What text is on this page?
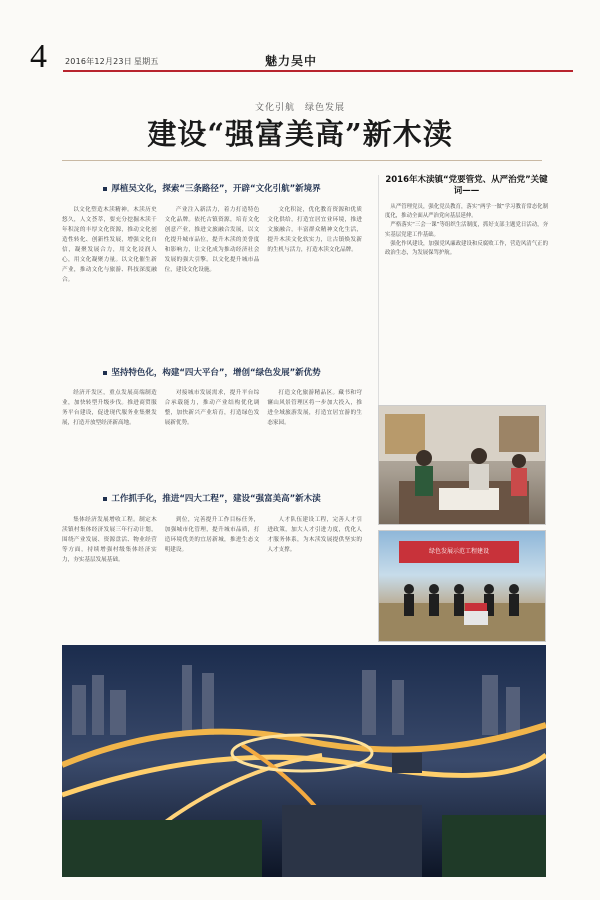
4 2016年12月23日 星期五	魅力吴中
文化引航　绿色发展
建设“强富美高”新木渎
厚植吴文化，探索“三条路径”，开辟“文化引航”新境界

以文化塑造木渎精神。木渎历史悠久，人文荟萃，要充分挖掘木渎千年积淀的丰厚文化资源，推动文化创造性转化、创新性发展，增强文化自信，凝聚发展合力，用文化浸润人心，用文化凝聚力量。以文化催生新产业，推动文化与旅游、科技深度融合。

产业注入新活力，着力打造特色文化品牌。依托古镇资源，培育文化创意产业，推进文旅融合发展，以文化提升城市品位，提升木渎的美誉度和影响力，让文化成为推动经济社会发展的强大引擎。以文化提升城市品位，建设文化设施。

文化积淀，优化教育资源和优质文化供给，打造宜居宜业环境，推进文旅融合，丰富群众精神文化生活，提升木渎文化软实力，让古镇焕发新的生机与活力，打造木渎文化品牌。

坚持特色化，构建“四大平台”，增创“绿色发展”新优势

经济开发区，重点发展高端制造业，加快转型升级步伐。推进商贸服务平台建设，促进现代服务业集聚发展，打造开放型经济新高地。

对接城市发展需求，提升平台综合承载能力，推动产业结构优化调整，加快新兴产业培育，打造绿色发展新优势。

打造文化旅游精品区。藏书和穹窿山风景管理区将一步加大投入，推进全域旅游发展，打造宜居宜游的生态家园。

工作抓手化，推进“四大工程”，建设“强富美高”新木渎

集体经济发展增收工程。制定木渎镇村集体经济发展三年行动计划，围绕产业发展、资源盘活、物业经营等方面，持续增强村级集体经济实力，夯实基层发展基础。

到位，完善提升工作目标任务，加强城市化管理，提升城市品质，打造环境优美的宜居新城，推进生态文明建设。

人才队伍建设工程，完善人才引进政策，加大人才引进力度，优化人才服务体系，为木渎发展提供坚实的人才支撑。

2016年木渎镇“党要管党、从严治党”关键词——

从严管理党员，强化党员教育，落实“两学一做”学习教育常态化制度化，推动全面从严治党向基层延伸。

严格落实“三会一课”等组织生活制度，抓好支部主题党日活动，夯实基层党建工作基础。

强化作风建设，加强党风廉政建设和反腐败工作，营造风清气正的政治生态，为发展保驾护航。

绿色发展示范工程建设
